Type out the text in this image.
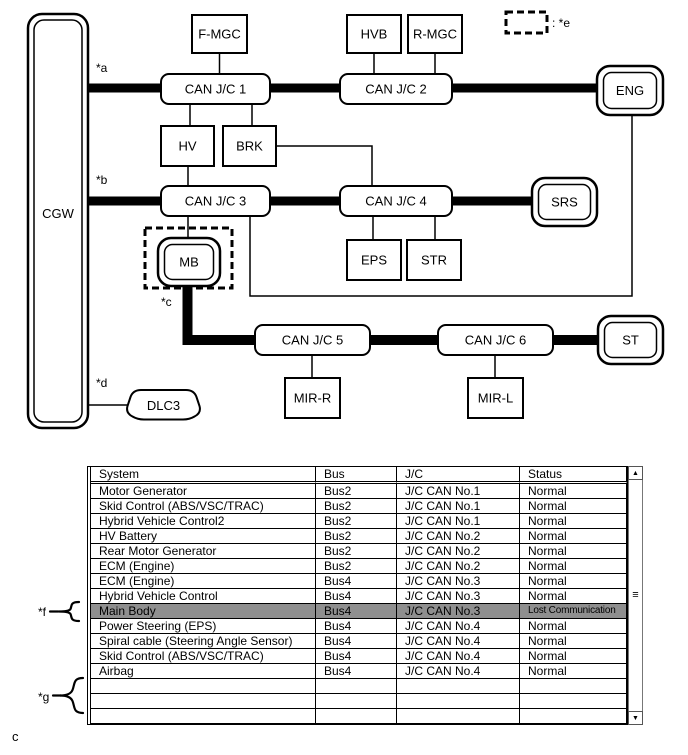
CGW
F-MGC	HVB R-MGC
HV	BRK
EPS	STR
MIR-R	MIR-L
CAN J/C 1	CAN J/C 2
CAN J/C 3	CAN J/C 4
CAN J/C 5	CAN J/C 6
ENG
SRS
ST
MB
DLC3
: *e
*a
*b
*c
*d
*f
*g
c
System	Bus	J/C	Status
Motor Generator	Bus2	J/C CAN No.1	Normal
Skid Control (ABS/VSC/TRAC)	Bus2	J/C CAN No.1	Normal
Hybrid Vehicle Control2	Bus2	J/C CAN No.1	Normal
HV Battery	Bus2	J/C CAN No.2	Normal
Rear Motor Generator	Bus2	J/C CAN No.2	Normal
ECM (Engine)	Bus2	J/C CAN No.2	Normal
ECM (Engine)	Bus4	J/C CAN No.3	Normal
Hybrid Vehicle Control	Bus4	J/C CAN No.3	Normal
Main Body	Bus4	J/C CAN No.3	Lost Communication
Power Steering (EPS)	Bus4	J/C CAN No.4	Normal
Spiral cable (Steering Angle Sensor)	Bus4	J/C CAN No.4	Normal
Skid Control (ABS/VSC/TRAC)	Bus4	J/C CAN No.4	Normal
Airbag	Bus4	J/C CAN No.4	Normal

▲
≡
▼
